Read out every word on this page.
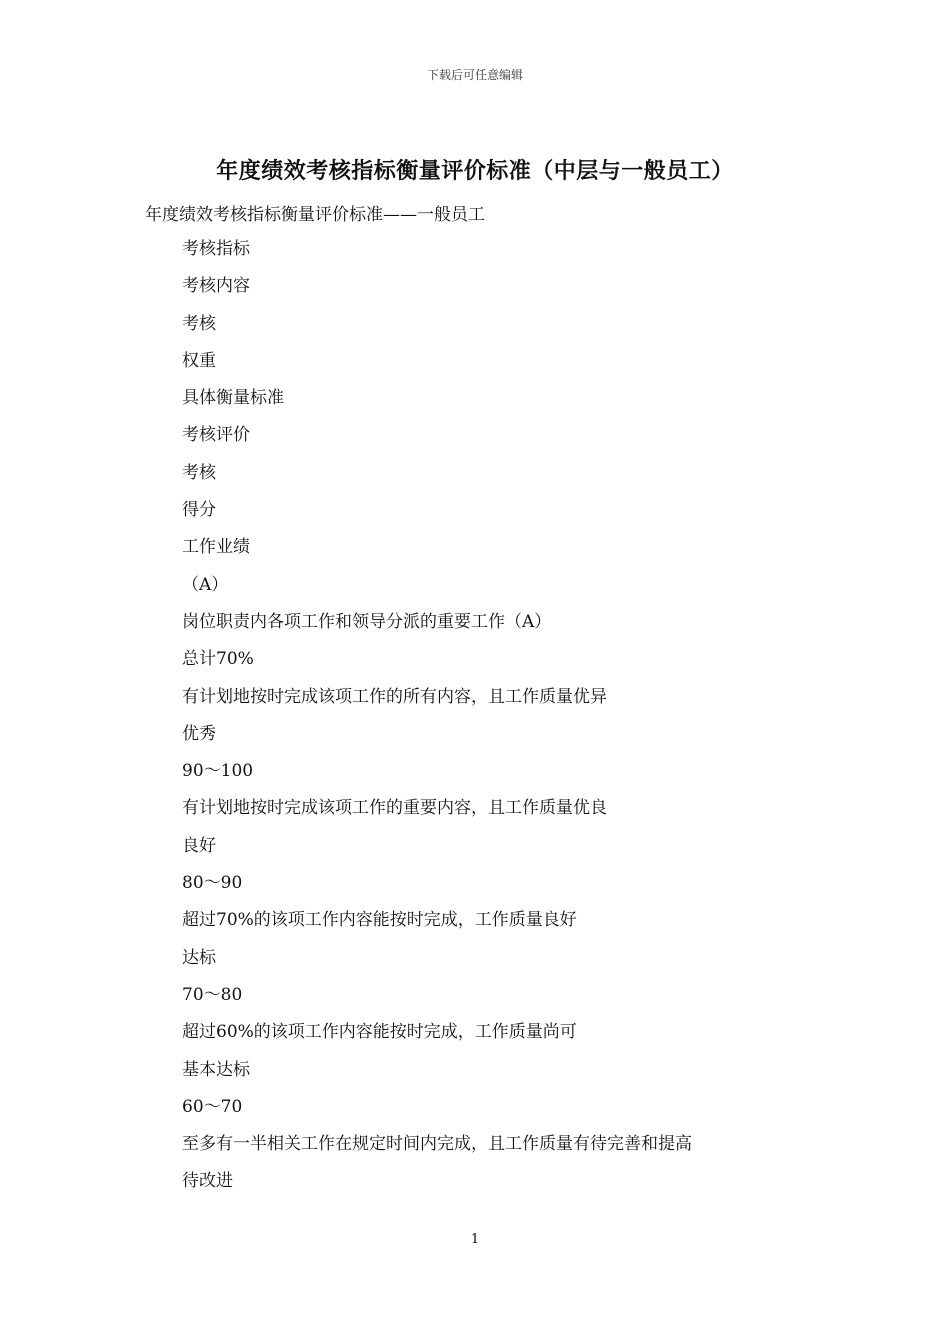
下载后可任意编辑
年度绩效考核指标衡量评价标准（中层与一般员工）
年度绩效考核指标衡量评价标准——一般员工
考核指标
考核内容
考核
权重
具体衡量标准
考核评价
考核
得分
工作业绩
（A）
岗位职责内各项工作和领导分派的重要工作（A）
总计70%
有计划地按时完成该项工作的所有内容，且工作质量优异
优秀
90～100
有计划地按时完成该项工作的重要内容，且工作质量优良
良好
80～90
超过70%的该项工作内容能按时完成，工作质量良好
达标
70～80
超过60%的该项工作内容能按时完成，工作质量尚可
基本达标
60～70
至多有一半相关工作在规定时间内完成，且工作质量有待完善和提高
待改进
1
